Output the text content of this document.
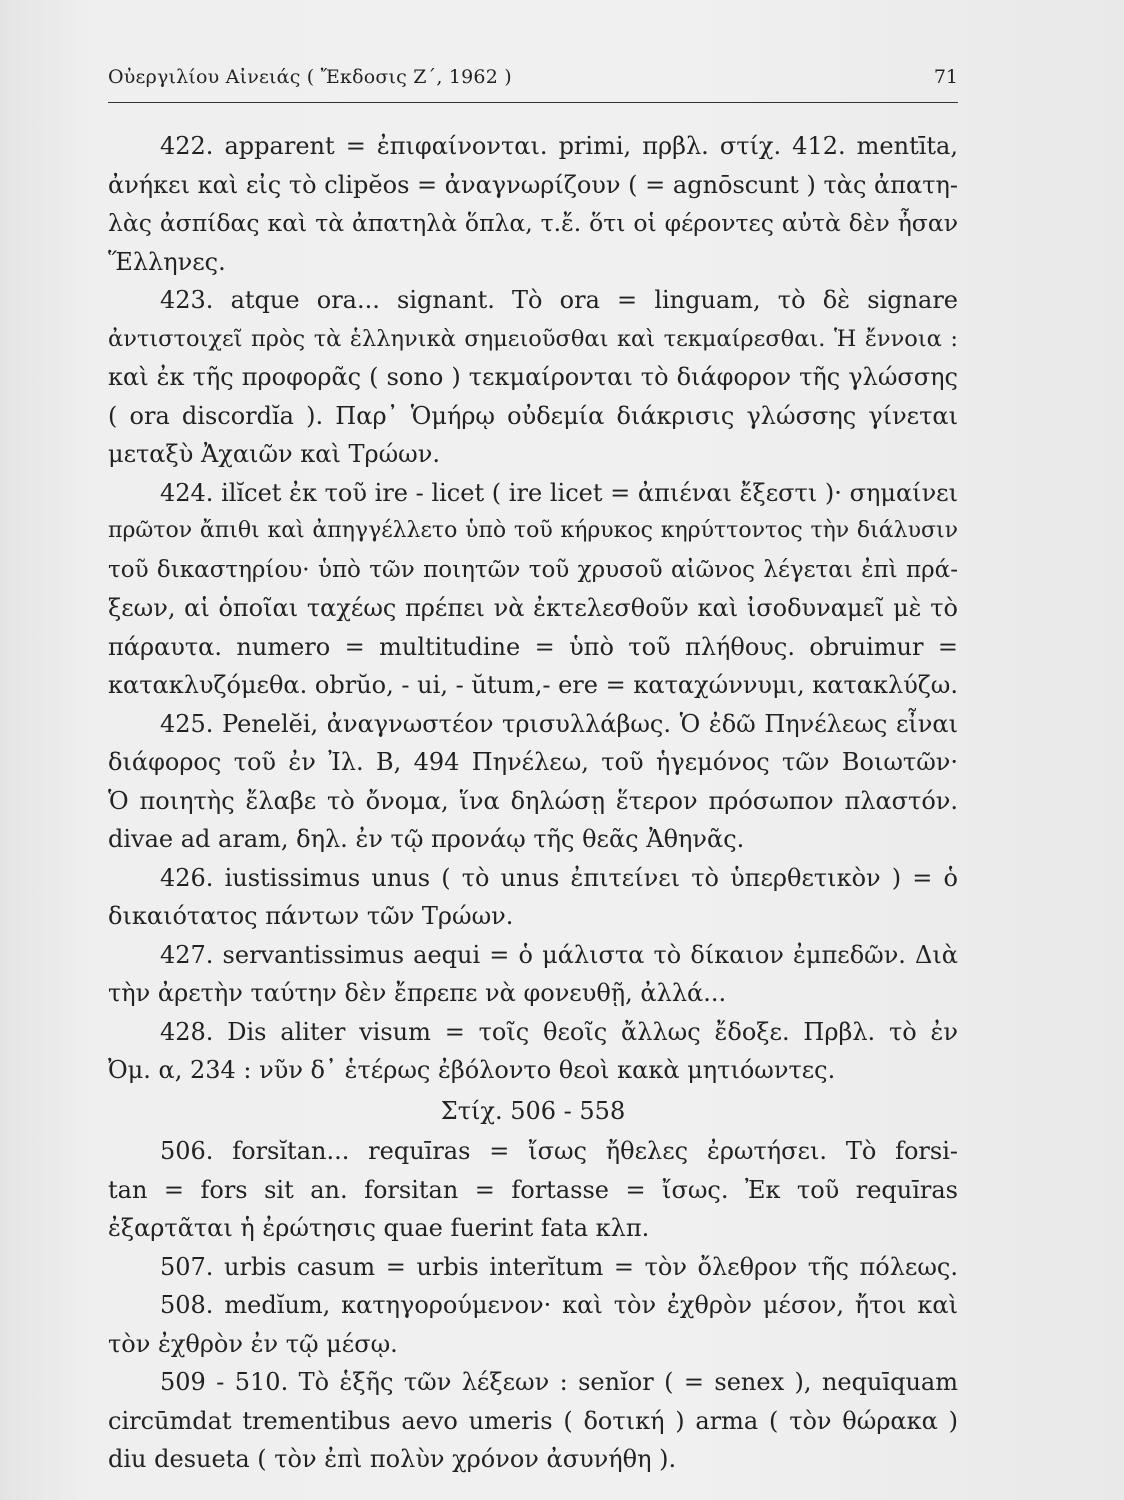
Οὐεργιλίου Αἰνειάς ( Ἔκδοσις Ζ΄, 1962 )	71
422. apparent = ἐπιφαίνονται. primi, πρβλ. στίχ. 412. mentīta,
ἀνήκει καὶ εἰς τὸ clipĕos = ἀναγνωρίζουν ( = agnōscunt ) τὰς ἀπατη-
λὰς ἀσπίδας καὶ τὰ ἀπατηλὰ ὅπλα, τ.ἔ. ὅτι οἱ φέροντες αὐτὰ δὲν ἦσαν
Ἕλληνες.
423. atque ora... signant. Τὸ ora = linguam, τὸ δὲ signare
ἀντιστοιχεῖ πρὸς τὰ ἑλληνικὰ σημειοῦσθαι καὶ τεκμαίρεσθαι. Ἡ ἔννοια :
καὶ ἐκ τῆς προφορᾶς ( sono ) τεκμαίρονται τὸ διάφορον τῆς γλώσσης
( ora discordĭa ). Παρ᾿ Ὁμήρῳ οὐδεμία διάκρισις γλώσσης γίνεται
μεταξὺ Ἀχαιῶν καὶ Τρώων.
424. ilĭcet ἐκ τοῦ ire - licet ( ire licet = ἀπιέναι ἔξεστι )· σημαίνει
πρῶτον ἄπιθι καὶ ἀπηγγέλλετο ὑπὸ τοῦ κήρυκος κηρύττοντος τὴν διάλυσιν
τοῦ δικαστηρίου· ὑπὸ τῶν ποιητῶν τοῦ χρυσοῦ αἰῶνος λέγεται ἐπὶ πρά-
ξεων, αἱ ὁποῖαι ταχέως πρέπει νὰ ἐκτελεσθοῦν καὶ ἰσοδυναμεῖ μὲ τὸ
πάραυτα. numero = multitudine = ὑπὸ τοῦ πλήθους. obruimur =
κατακλυζόμεθα. obrŭo, - ui, - ŭtum,- ere = καταχώννυμι, κατακλύζω.
425. Penelĕi, ἀναγνωστέον τρισυλλάβως. Ὁ ἐδῶ Πηνέλεως εἶναι
διάφορος τοῦ ἐν Ἰλ. Β, 494 Πηνέλεω, τοῦ ἡγεμόνος τῶν Βοιωτῶν·
Ὁ ποιητὴς ἔλαβε τὸ ὄνομα, ἵνα δηλώσῃ ἕτερον πρόσωπον πλαστόν.
divae ad aram, δηλ. ἐν τῷ προνάῳ τῆς θεᾶς Ἀθηνᾶς.
426. iustissimus unus ( τὸ unus ἐπιτείνει τὸ ὑπερθετικὸν ) = ὁ
δικαιότατος πάντων τῶν Τρώων.
427. servantissimus aequi = ὁ μάλιστα τὸ δίκαιον ἐμπεδῶν. Διὰ
τὴν ἀρετὴν ταύτην δὲν ἔπρεπε νὰ φονευθῇ, ἀλλά...
428. Dis aliter visum = τοῖς θεοῖς ἄλλως ἔδοξε. Πρβλ. τὸ ἐν
Ὀμ. α, 234 : νῦν δ᾿ ἑτέρως ἐβόλοντο θεοὶ κακὰ μητιόωντες.
Στίχ. 506 - 558
506. forsĭtan... requīras = ἴσως ἤθελες ἐρωτήσει. Τὸ forsi-
tan = fors sit an. forsitan = fortasse = ἴσως. Ἐκ τοῦ requīras
ἐξαρτᾶται ἡ ἐρώτησις quae fuerint fata κλπ.
507. urbis casum = urbis interĭtum = τὸν ὄλεθρον τῆς πόλεως.
508. medĭum, κατηγορούμενον· καὶ τὸν ἐχθρὸν μέσον, ἤτοι καὶ
τὸν ἐχθρὸν ἐν τῷ μέσῳ.
509 - 510. Τὸ ἑξῆς τῶν λέξεων : senĭor ( = senex ), nequīquam
circūmdat trementibus aevo umeris ( δοτική ) arma ( τὸν θώρακα )
diu desueta ( τὸν ἐπὶ πολὺν χρόνον ἀσυνήθη ).
